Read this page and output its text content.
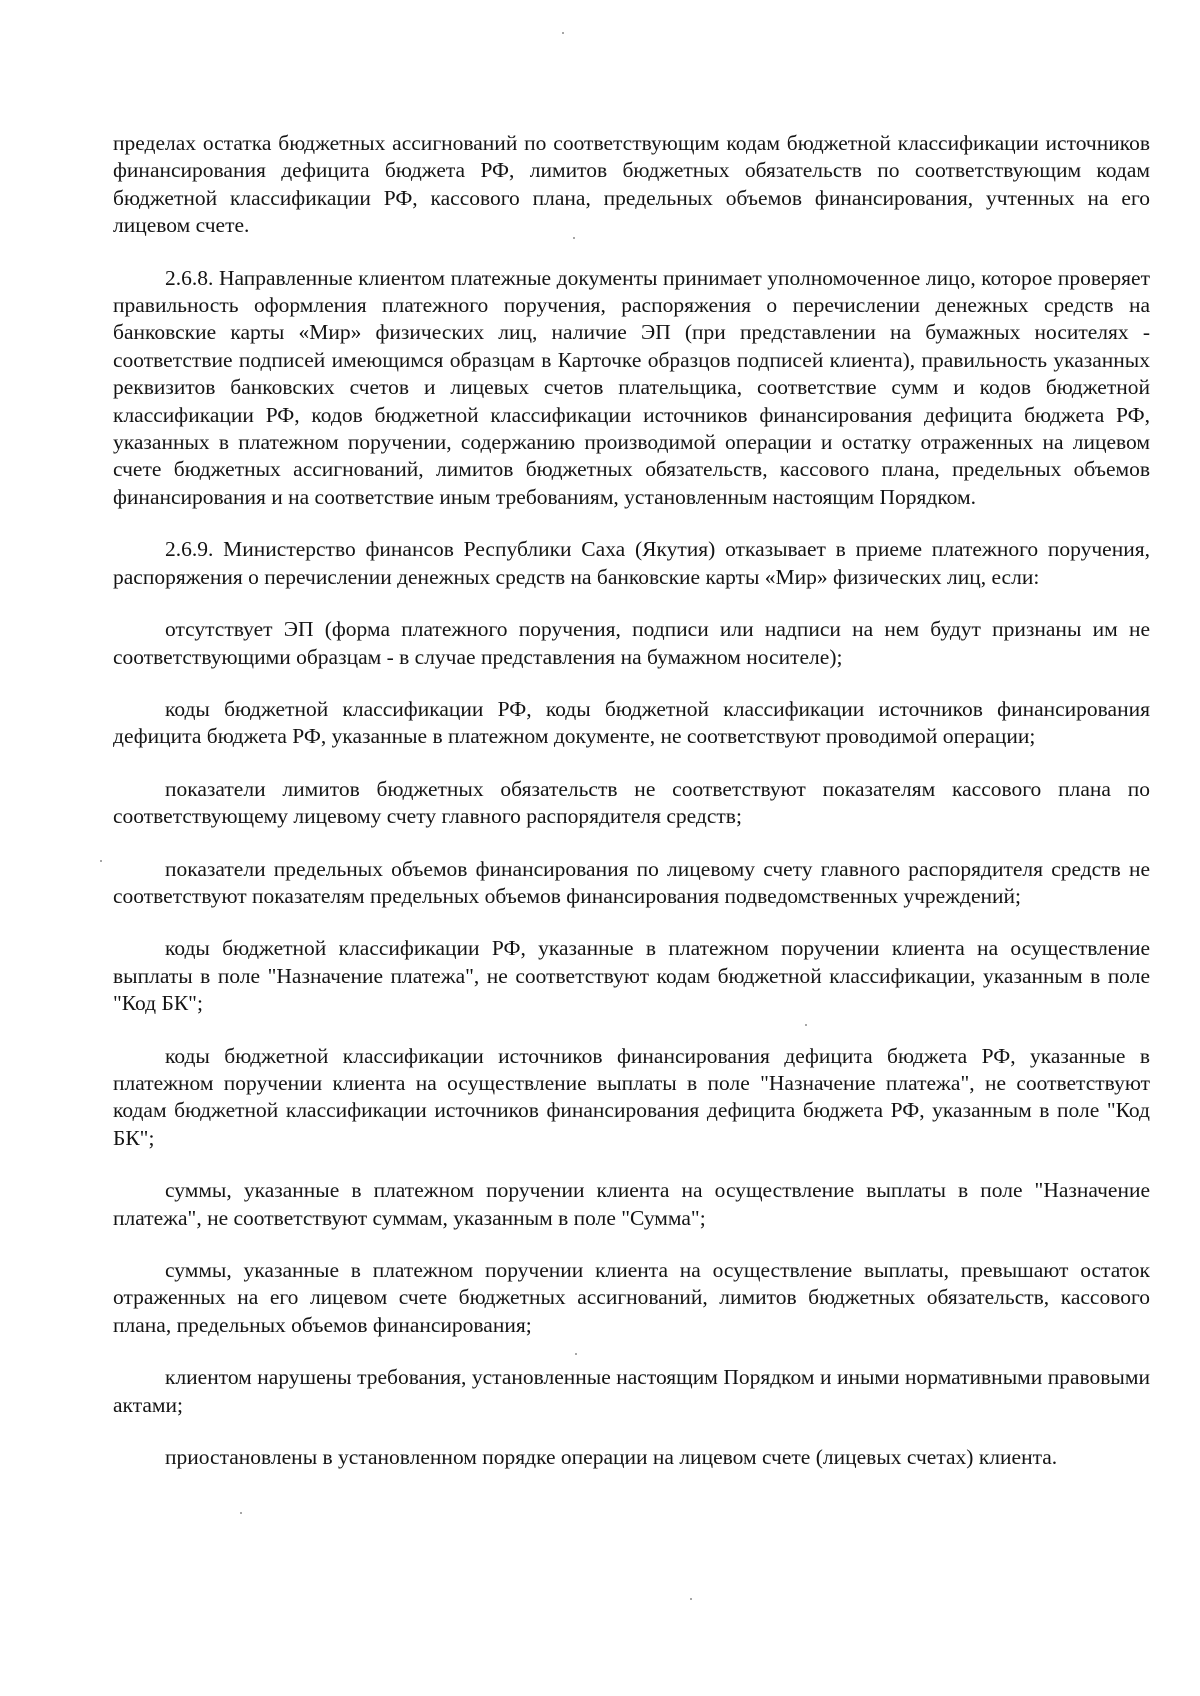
пределах остатка бюджетных ассигнований по соответствующим кодам бюджетной классификации источников финансирования дефицита бюджета РФ, лимитов бюджетных обязательств по соответствующим кодам бюджетной классификации РФ, кассового плана, предельных объемов финансирования, учтенных на его лицевом счете.

2.6.8. Направленные клиентом платежные документы принимает уполномоченное лицо, которое проверяет правильность оформления платежного поручения, распоряжения о перечислении денежных средств на банковские карты «Мир» физических лиц, наличие ЭП (при представлении на бумажных носителях - соответствие подписей имеющимся образцам в Карточке образцов подписей клиента), правильность указанных реквизитов банковских счетов и лицевых счетов плательщика, соответствие сумм и кодов бюджетной классификации РФ, кодов бюджетной классификации источников финансирования дефицита бюджета РФ, указанных в платежном поручении, содержанию производимой операции и остатку отраженных на лицевом счете бюджетных ассигнований, лимитов бюджетных обязательств, кассового плана, предельных объемов финансирования и на соответствие иным требованиям, установленным настоящим Порядком.

2.6.9. Министерство финансов Республики Саха (Якутия) отказывает в приеме платежного поручения, распоряжения о перечислении денежных средств на банковские карты «Мир» физических лиц, если:

отсутствует ЭП (форма платежного поручения, подписи или надписи на нем будут признаны им не соответствующими образцам - в случае представления на бумажном носителе);
коды бюджетной классификации РФ, коды бюджетной классификации источников финансирования дефицита бюджета РФ, указанные в платежном документе, не соответствуют проводимой операции;
показатели лимитов бюджетных обязательств не соответствуют показателям кассового плана по соответствующему лицевому счету главного распорядителя средств;
показатели предельных объемов финансирования по лицевому счету главного распорядителя средств не соответствуют показателям предельных объемов финансирования подведомственных учреждений;
коды бюджетной классификации РФ, указанные в платежном поручении клиента на осуществление выплаты в поле "Назначение платежа", не соответствуют кодам бюджетной классификации, указанным в поле "Код БК";
коды бюджетной классификации источников финансирования дефицита бюджета РФ, указанные в платежном поручении клиента на осуществление выплаты в поле "Назначение платежа", не соответствуют кодам бюджетной классификации источников финансирования дефицита бюджета РФ, указанным в поле "Код БК";
суммы, указанные в платежном поручении клиента на осуществление выплаты в поле "Назначение платежа", не соответствуют суммам, указанным в поле "Сумма";
суммы, указанные в платежном поручении клиента на осуществление выплаты, превышают остаток отраженных на его лицевом счете бюджетных ассигнований, лимитов бюджетных обязательств, кассового плана, предельных объемов финансирования;
клиентом нарушены требования, установленные настоящим Порядком и иными нормативными правовыми актами;
приостановлены в установленном порядке операции на лицевом счете (лицевых счетах) клиента.
